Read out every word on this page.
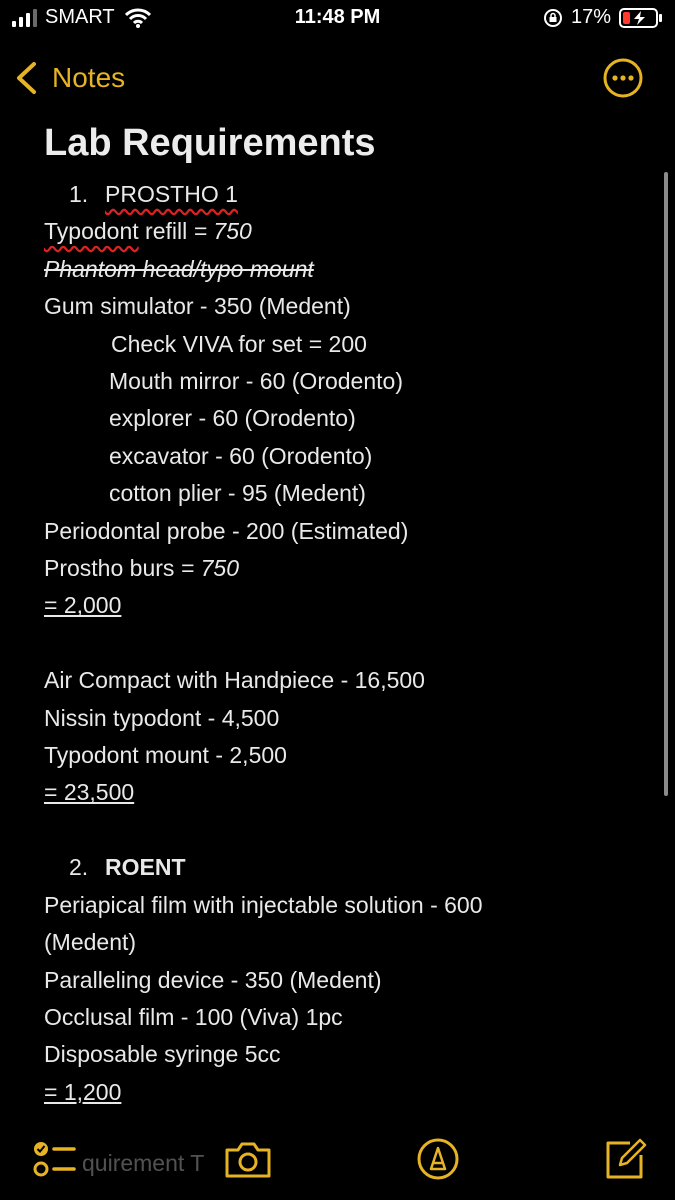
SMART	11:48 PM	17%
Notes
Lab Requirements
1. PROSTHO 1
Typodont refill = 750
Phantom head/typo mount
Gum simulator - 350 (Medent)
Check VIVA for set = 200
Mouth mirror - 60 (Orodento)
explorer - 60 (Orodento)
excavator - 60 (Orodento)
cotton plier - 95 (Medent)
Periodontal probe - 200 (Estimated)
Prostho burs = 750
= 2,000
Air Compact with Handpiece - 16,500
Nissin typodont - 4,500
Typodont mount - 2,500
= 23,500
2. ROENT
Periapical film with injectable solution - 600
(Medent)
Paralleling device - 350 (Medent)
Occlusal film - 100 (Viva) 1pc
Disposable syringe 5cc
= 1,200
quirement T
